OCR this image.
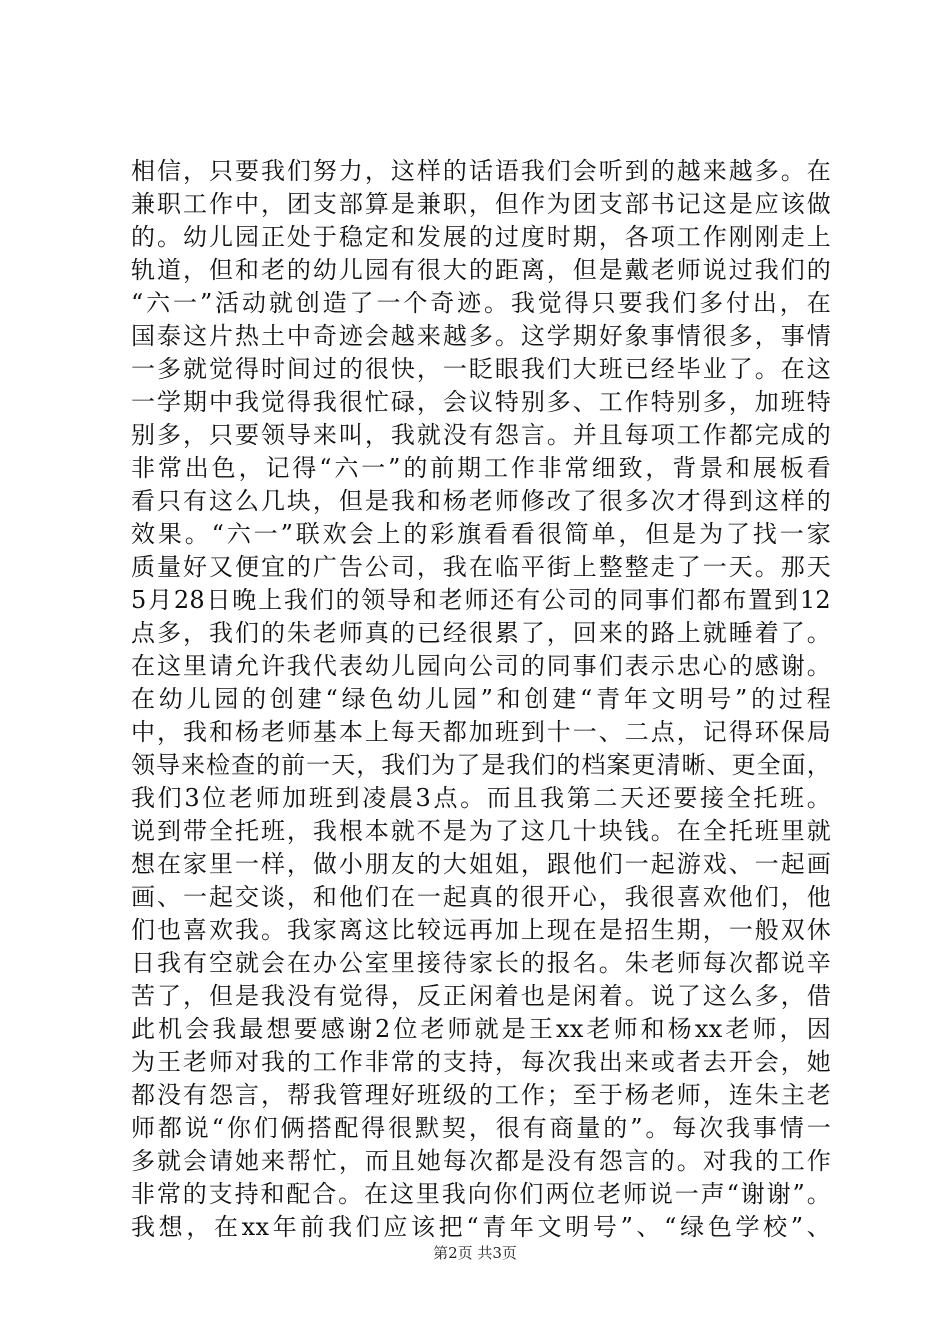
相信，只要我们努力，这样的话语我们会听到的越来越多。在
兼职工作中，团支部算是兼职，但作为团支部书记这是应该做
的。幼儿园正处于稳定和发展的过度时期，各项工作刚刚走上
轨道，但和老的幼儿园有很大的距离，但是戴老师说过我们的
“六一”活动就创造了一个奇迹。我觉得只要我们多付出，在
国泰这片热土中奇迹会越来越多。这学期好象事情很多，事情
一多就觉得时间过的很快，一眨眼我们大班已经毕业了。在这
一学期中我觉得我很忙碌，会议特别多、工作特别多，加班特
别多，只要领导来叫，我就没有怨言。并且每项工作都完成的
非常出色，记得“六一”的前期工作非常细致，背景和展板看
看只有这么几块，但是我和杨老师修改了很多次才得到这样的
效果。“六一”联欢会上的彩旗看看很简单，但是为了找一家
质量好又便宜的广告公司，我在临平街上整整走了一天。那天
5月28日晚上我们的领导和老师还有公司的同事们都布置到12
点多，我们的朱老师真的已经很累了，回来的路上就睡着了。
在这里请允许我代表幼儿园向公司的同事们表示忠心的感谢。
在幼儿园的创建“绿色幼儿园”和创建“青年文明号”的过程
中，我和杨老师基本上每天都加班到十一、二点，记得环保局
领导来检查的前一天，我们为了是我们的档案更清晰、更全面，
我们3位老师加班到凌晨3点。而且我第二天还要接全托班。
说到带全托班，我根本就不是为了这几十块钱。在全托班里就
想在家里一样，做小朋友的大姐姐，跟他们一起游戏、一起画
画、一起交谈，和他们在一起真的很开心，我很喜欢他们，他
们也喜欢我。我家离这比较远再加上现在是招生期，一般双休
日我有空就会在办公室里接待家长的报名。朱老师每次都说辛
苦了，但是我没有觉得，反正闲着也是闲着。说了这么多，借
此机会我最想要感谢2位老师就是王xx老师和杨xx老师，因
为王老师对我的工作非常的支持，每次我出来或者去开会，她
都没有怨言，帮我管理好班级的工作；至于杨老师，连朱主老
师都说“你们俩搭配得很默契，很有商量的”。每次我事情一
多就会请她来帮忙，而且她每次都是没有怨言的。对我的工作
非常的支持和配合。在这里我向你们两位老师说一声“谢谢”。
我想，在xx年前我们应该把“青年文明号”、“绿色学校”、
第2页 共3页
